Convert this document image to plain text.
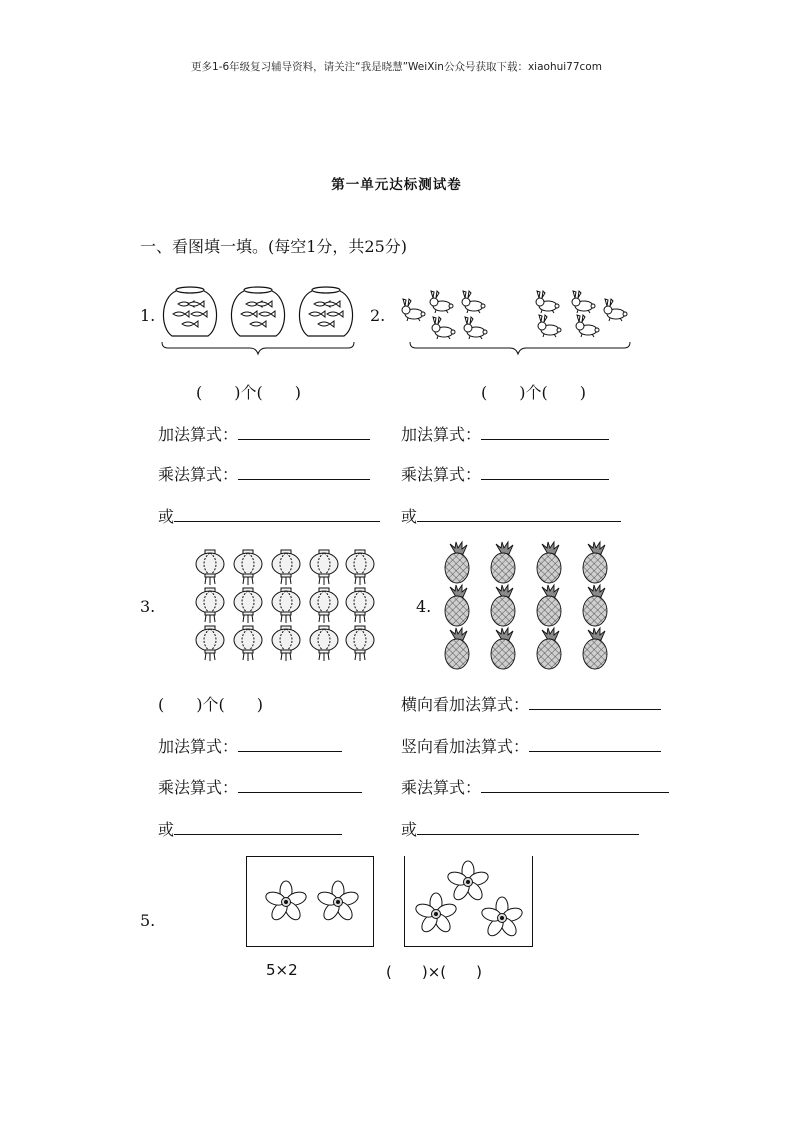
更多1-6年级复习辅导资料，请关注“我是晓慧”WeiXin公众号获取下载：xiaohui77com
第一单元达标测试卷
一、看图填一填。(每空1分，共25分)
1.	2.
(　　)个(　　)	(　　)个(　　)
加法算式：
乘法算式：
或
加法算式：
乘法算式：
或
3.	4.
(　　)个(　　)
加法算式：
乘法算式：
或
横向看加法算式：
竖向看加法算式：
乘法算式：
或
5.
5×2	(　　)×(　　)
